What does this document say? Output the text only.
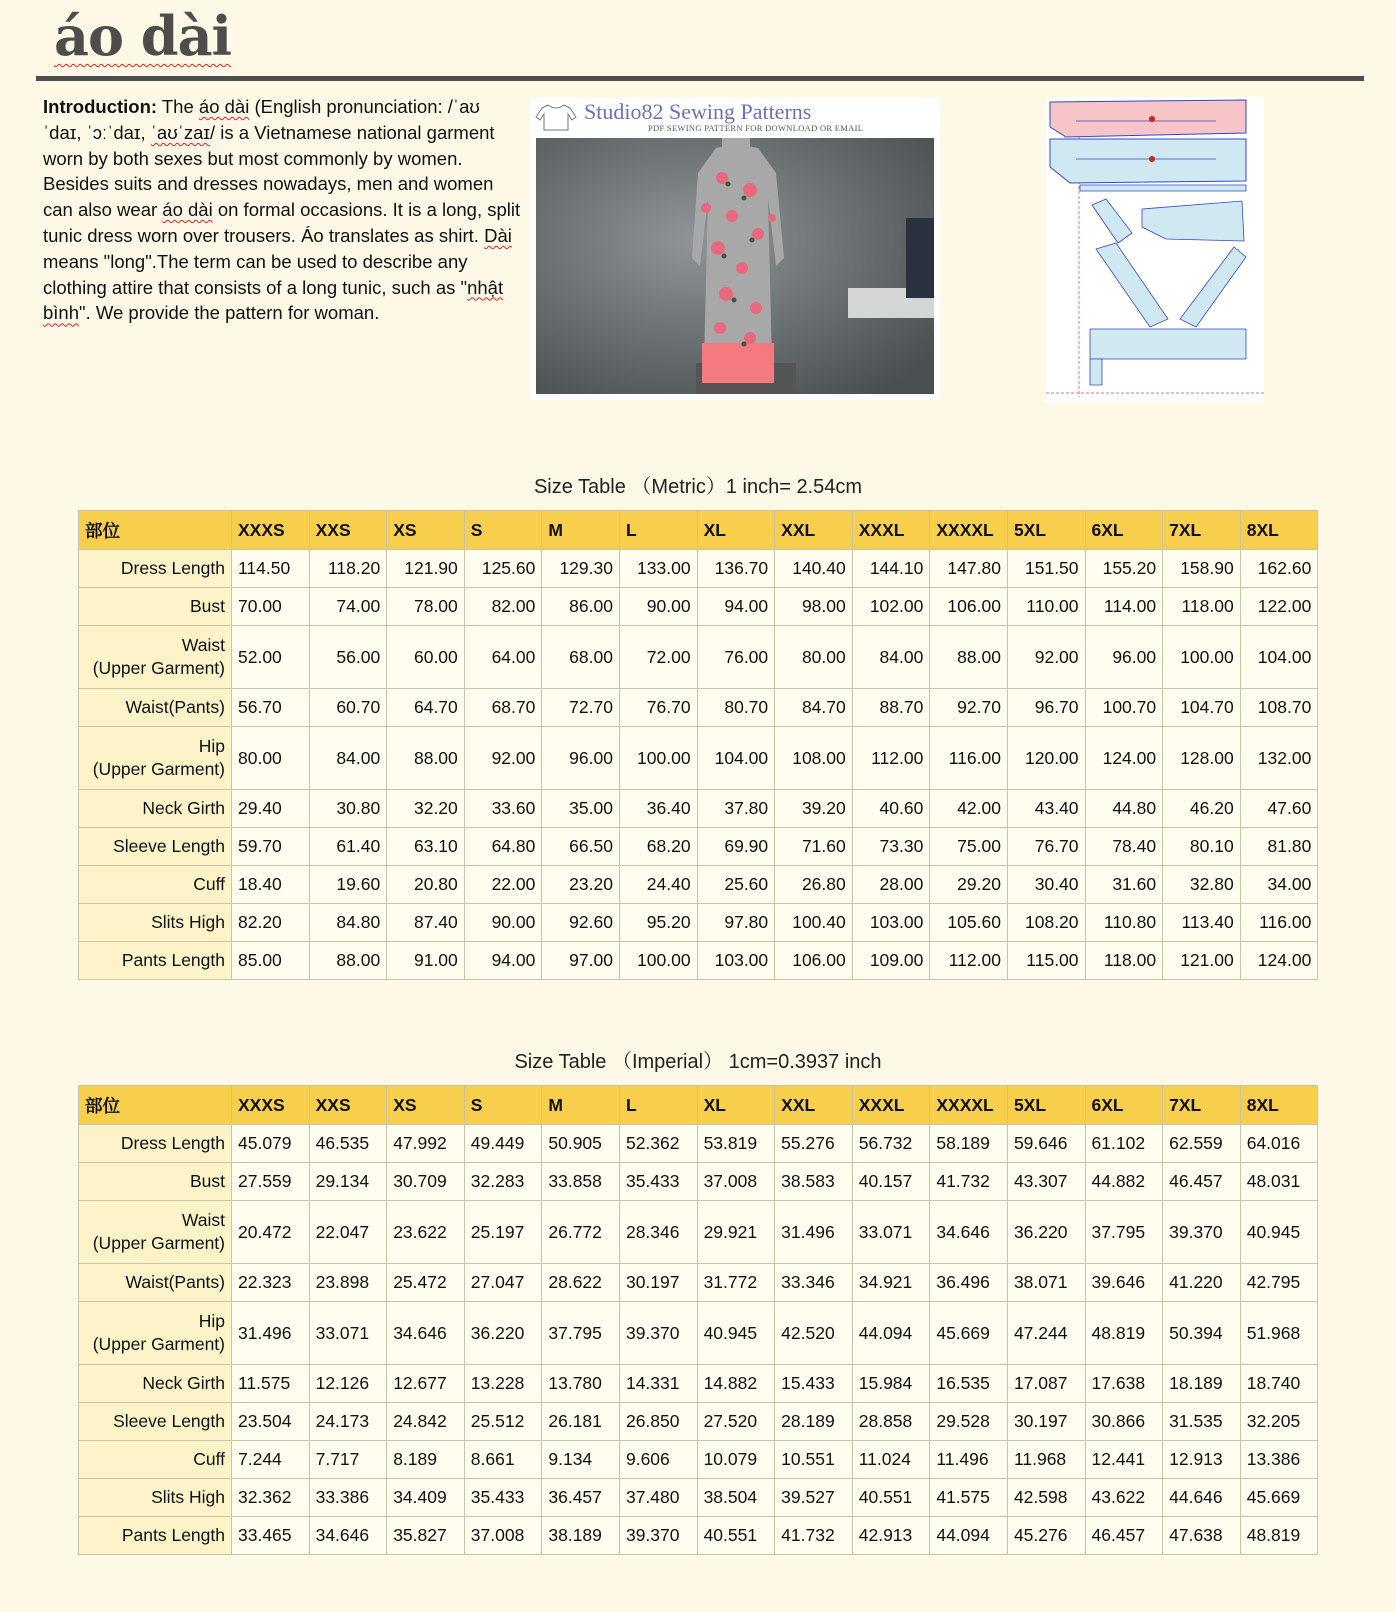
áo dài

Introduction: The áo dài (English pronunciation: /ˈaʊ ˈdaɪ, ˈɔːˈdaɪ, ˈaʊˈzaɪ/ is a Vietnamese national garment worn by both sexes but most commonly by women. Besides suits and dresses nowadays, men and women can also wear áo dài on formal occasions. It is a long, split tunic dress worn over trousers. Áo translates as shirt. Dài means "long".The term can be used to describe any clothing attire that consists of a long tunic, such as "nhật bình". We provide the pattern for woman.

Studio82 Sewing Patterns
PDF SEWING PATTERN FOR DOWNLOAD OR EMAIL
Size Table （Metric）1 inch= 2.54cm
部位	XXXS	XXS	XS	S	M	L	XL	XXL	XXXL	XXXXL	5XL	6XL	7XL	8XL
Dress Length	114.50	118.20	121.90	125.60	129.30	133.00	136.70	140.40	144.10	147.80	151.50	155.20	158.90	162.60
Bust	70.00	74.00	78.00	82.00	86.00	90.00	94.00	98.00	102.00	106.00	110.00	114.00	118.00	122.00
Waist
(Upper Garment)	52.00	56.00	60.00	64.00	68.00	72.00	76.00	80.00	84.00	88.00	92.00	96.00	100.00	104.00
Waist(Pants)	56.70	60.70	64.70	68.70	72.70	76.70	80.70	84.70	88.70	92.70	96.70	100.70	104.70	108.70
Hip
(Upper Garment)	80.00	84.00	88.00	92.00	96.00	100.00	104.00	108.00	112.00	116.00	120.00	124.00	128.00	132.00
Neck Girth	29.40	30.80	32.20	33.60	35.00	36.40	37.80	39.20	40.60	42.00	43.40	44.80	46.20	47.60
Sleeve Length	59.70	61.40	63.10	64.80	66.50	68.20	69.90	71.60	73.30	75.00	76.70	78.40	80.10	81.80
Cuff	18.40	19.60	20.80	22.00	23.20	24.40	25.60	26.80	28.00	29.20	30.40	31.60	32.80	34.00
Slits High	82.20	84.80	87.40	90.00	92.60	95.20	97.80	100.40	103.00	105.60	108.20	110.80	113.40	116.00
Pants Length	85.00	88.00	91.00	94.00	97.00	100.00	103.00	106.00	109.00	112.00	115.00	118.00	121.00	124.00
Size Table （Imperial） 1cm=0.3937 inch
部位	XXXS	XXS	XS	S	M	L	XL	XXL	XXXL	XXXXL	5XL	6XL	7XL	8XL
Dress Length	45.079	46.535	47.992	49.449	50.905	52.362	53.819	55.276	56.732	58.189	59.646	61.102	62.559	64.016
Bust	27.559	29.134	30.709	32.283	33.858	35.433	37.008	38.583	40.157	41.732	43.307	44.882	46.457	48.031
Waist
(Upper Garment)	20.472	22.047	23.622	25.197	26.772	28.346	29.921	31.496	33.071	34.646	36.220	37.795	39.370	40.945
Waist(Pants)	22.323	23.898	25.472	27.047	28.622	30.197	31.772	33.346	34.921	36.496	38.071	39.646	41.220	42.795
Hip
(Upper Garment)	31.496	33.071	34.646	36.220	37.795	39.370	40.945	42.520	44.094	45.669	47.244	48.819	50.394	51.968
Neck Girth	11.575	12.126	12.677	13.228	13.780	14.331	14.882	15.433	15.984	16.535	17.087	17.638	18.189	18.740
Sleeve Length	23.504	24.173	24.842	25.512	26.181	26.850	27.520	28.189	28.858	29.528	30.197	30.866	31.535	32.205
Cuff	7.244	7.717	8.189	8.661	9.134	9.606	10.079	10.551	11.024	11.496	11.968	12.441	12.913	13.386
Slits High	32.362	33.386	34.409	35.433	36.457	37.480	38.504	39.527	40.551	41.575	42.598	43.622	44.646	45.669
Pants Length	33.465	34.646	35.827	37.008	38.189	39.370	40.551	41.732	42.913	44.094	45.276	46.457	47.638	48.819
